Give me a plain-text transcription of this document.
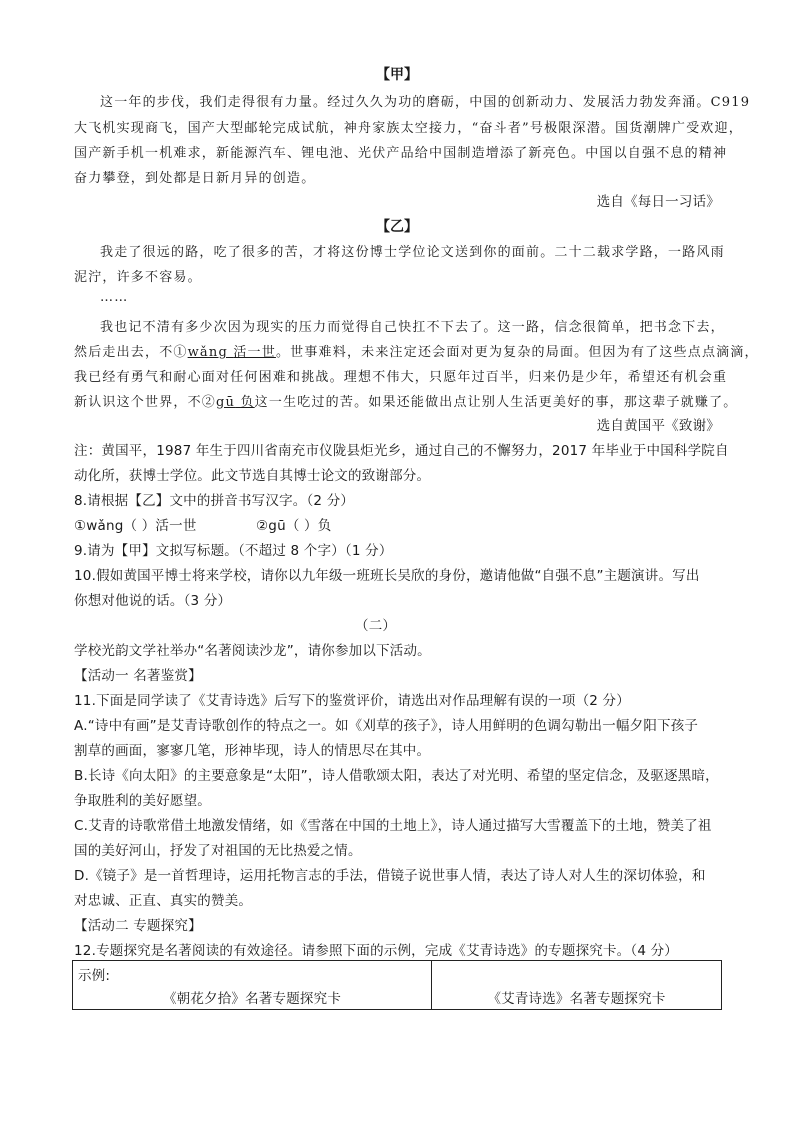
【甲】
这一年的步伐，我们走得很有力量。经过久久为功的磨砺，中国的创新动力、发展活力勃发奔涌。C919
大飞机实现商飞，国产大型邮轮完成试航，神舟家族太空接力，“奋斗者”号极限深潜。国货潮牌广受欢迎，
国产新手机一机难求，新能源汽车、锂电池、光伏产品给中国制造增添了新亮色。中国以自强不息的精神
奋力攀登，到处都是日新月异的创造。
选自《每日一习话》
【乙】
我走了很远的路，吃了很多的苦，才将这份博士学位论文送到你的面前。二十二载求学路，一路风雨
泥泞，许多不容易。
……
我也记不清有多少次因为现实的压力而觉得自己快扛不下去了。这一路，信念很简单，把书念下去，
然后走出去，不①wǎng 活一世。世事难料，未来注定还会面对更为复杂的局面。但因为有了这些点点滴滴，
我已经有勇气和耐心面对任何困难和挑战。理想不伟大，只愿年过百半，归来仍是少年，希望还有机会重
新认识这个世界，不②gū 负这一生吃过的苦。如果还能做出点让别人生活更美好的事，那这辈子就赚了。
选自黄国平《致谢》
注：黄国平，1987 年生于四川省南充市仪陇县炬光乡，通过自己的不懈努力，2017 年毕业于中国科学院自
动化所，获博士学位。此文节选自其博士论文的致谢部分。
8.请根据【乙】文中的拼音书写汉字。（2 分）
①wǎng（ ）活一世	②gū（ ）负
9.请为【甲】文拟写标题。（不超过 8 个字）（1 分）
10.假如黄国平博士将来学校，请你以九年级一班班长吴欣的身份，邀请他做“自强不息”主题演讲。写出
你想对他说的话。（3 分）
（二）
学校光韵文学社举办“名著阅读沙龙”，请你参加以下活动。
【活动一 名著鉴赏】
11.下面是同学读了《艾青诗选》后写下的鉴赏评价，请选出对作品理解有误的一项（2 分）
A.“诗中有画”是艾青诗歌创作的特点之一。如《刈草的孩子》，诗人用鲜明的色调勾勒出一幅夕阳下孩子
割草的画面，寥寥几笔，形神毕现，诗人的情思尽在其中。
B.长诗《向太阳》的主要意象是“太阳”，诗人借歌颂太阳，表达了对光明、希望的坚定信念，及驱逐黑暗，
争取胜利的美好愿望。
C.艾青的诗歌常借土地激发情绪，如《雪落在中国的土地上》，诗人通过描写大雪覆盖下的土地，赞美了祖
国的美好河山，抒发了对祖国的无比热爱之情。
D.《镜子》是一首哲理诗，运用托物言志的手法，借镜子说世事人情，表达了诗人对人生的深切体验，和
对忠诚、正直、真实的赞美。
【活动二 专题探究】
12.专题探究是名著阅读的有效途径。请参照下面的示例，完成《艾青诗选》的专题探究卡。（4 分）
示例:
《朝花夕拾》名著专题探究卡	《艾青诗选》名著专题探究卡
